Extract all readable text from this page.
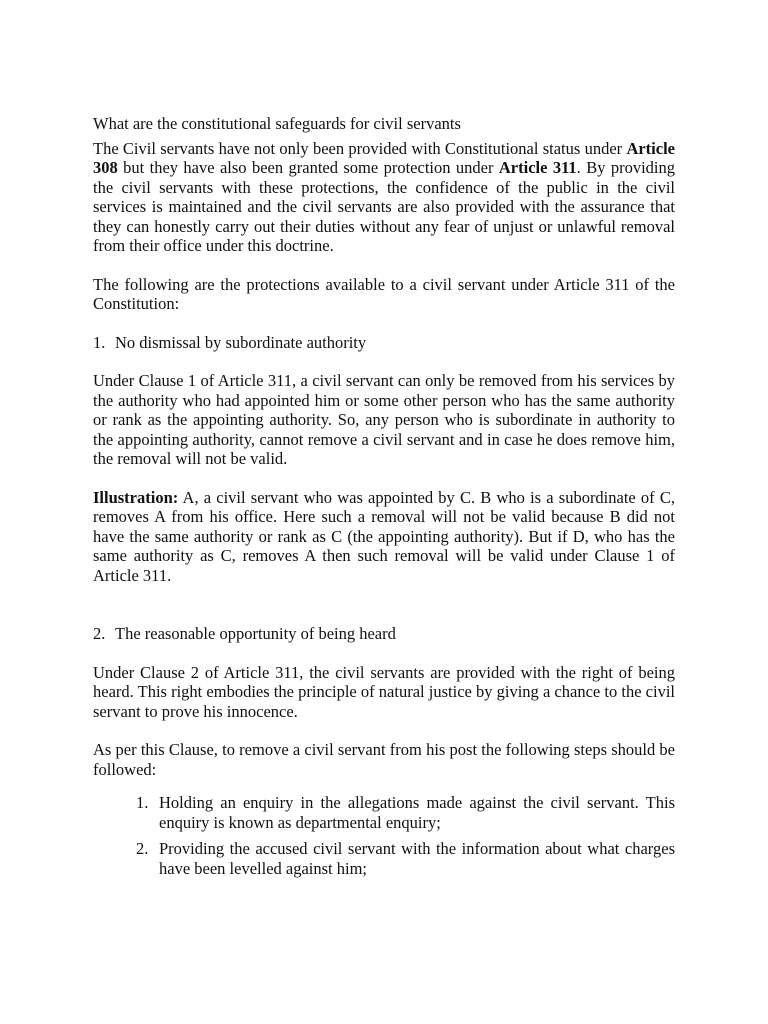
What are the constitutional safeguards for civil servants

The Civil servants have not only been provided with Constitutional status under Article 308 but they have also been granted some protection under Article 311. By providing the civil servants with these protections, the confidence of the public in the civil services is maintained and the civil servants are also provided with the assurance that they can honestly carry out their duties without any fear of unjust or unlawful removal from their office under this doctrine.

The following are the protections available to a civil servant under Article 311 of the Constitution:

1. No dismissal by subordinate authority

Under Clause 1 of Article 311, a civil servant can only be removed from his services by the authority who had appointed him or some other person who has the same authority or rank as the appointing authority. So, any person who is subordinate in authority to the appointing authority, cannot remove a civil servant and in case he does remove him, the removal will not be valid.

Illustration: A, a civil servant who was appointed by C. B who is a subordinate of C, removes A from his office. Here such a removal will not be valid because B did not have the same authority or rank as C (the appointing authority). But if D, who has the same authority as C, removes A then such removal will be valid under Clause 1 of Article 311.

2. The reasonable opportunity of being heard

Under Clause 2 of Article 311, the civil servants are provided with the right of being heard. This right embodies the principle of natural justice by giving a chance to the civil servant to prove his innocence.

As per this Clause, to remove a civil servant from his post the following steps should be followed:

1. Holding an enquiry in the allegations made against the civil servant. This enquiry is known as departmental enquiry;
2. Providing the accused civil servant with the information about what charges have been levelled against him;
